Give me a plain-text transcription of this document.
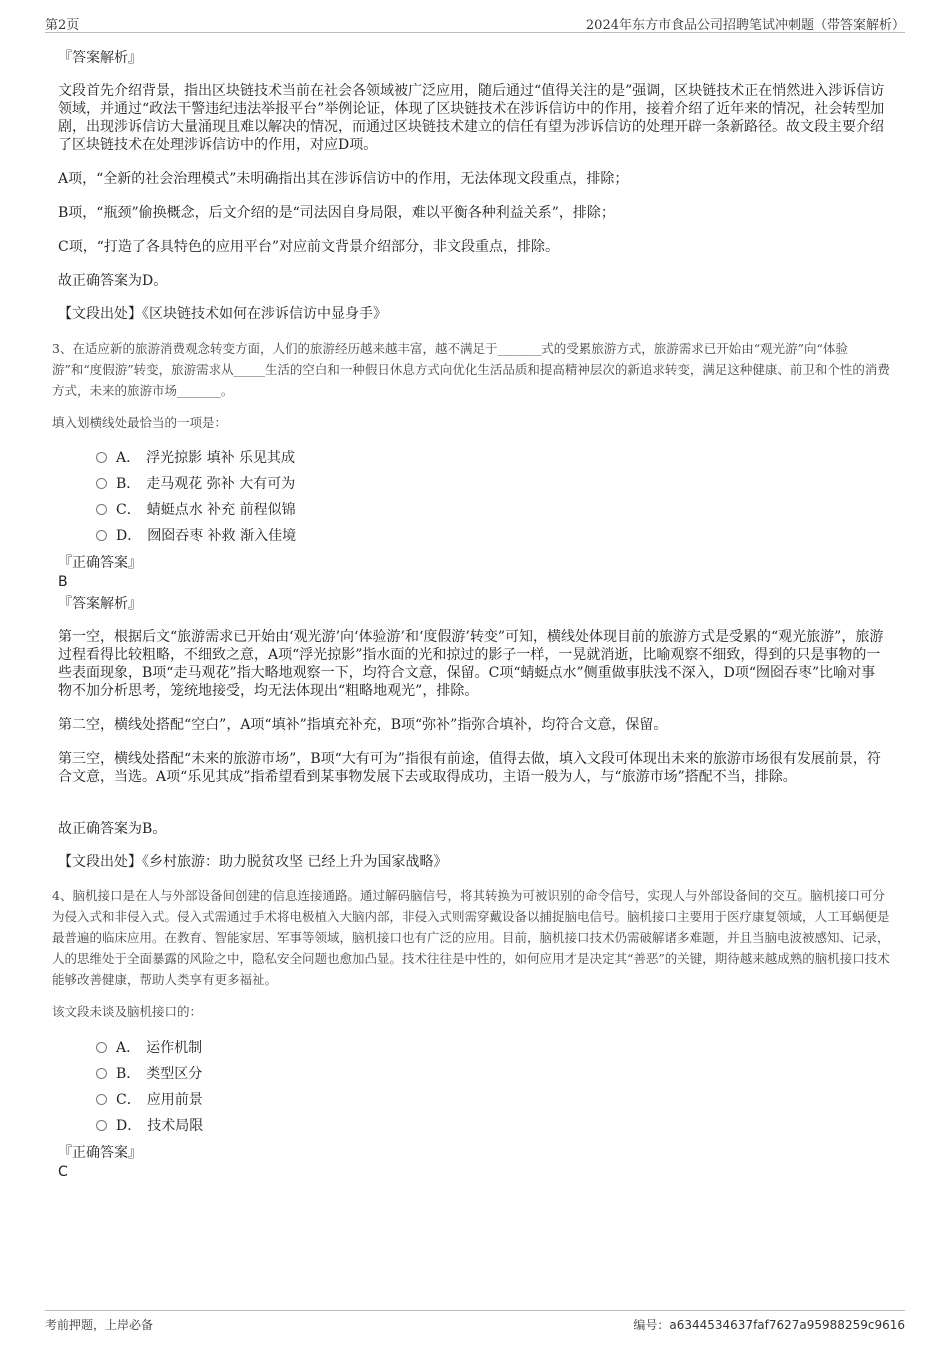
第2页	2024年东方市食品公司招聘笔试冲刺题（带答案解析）
『答案解析』
文段首先介绍背景，指出区块链技术当前在社会各领域被广泛应用，随后通过“值得关注的是”强调，区块链技术正在悄然进入涉诉信访领域，并通过“政法干警违纪违法举报平台”举例论证，体现了区块链技术在涉诉信访中的作用，接着介绍了近年来的情况，社会转型加剧，出现涉诉信访大量涌现且难以解决的情况，而通过区块链技术建立的信任有望为涉诉信访的处理开辟一条新路径。故文段主要介绍了区块链技术在处理涉诉信访中的作用，对应D项。
A项，“全新的社会治理模式”未明确指出其在涉诉信访中的作用，无法体现文段重点，排除；
B项，“瓶颈”偷换概念，后文介绍的是“司法因自身局限，难以平衡各种利益关系”，排除；
C项，“打造了各具特色的应用平台”对应前文背景介绍部分，非文段重点，排除。
故正确答案为D。
【文段出处】《区块链技术如何在涉诉信访中显身手》
3、在适应新的旅游消费观念转变方面，人们的旅游经历越来越丰富，越不满足于_______式的受累旅游方式，旅游需求已开始由“观光游”向“体验游”和“度假游”转变，旅游需求从_____生活的空白和一种假日休息方式向优化生活品质和提高精神层次的新追求转变，满足这种健康、前卫和个性的消费方式，未来的旅游市场_______。
填入划横线处最恰当的一项是：
A． 浮光掠影 填补 乐见其成
B． 走马观花 弥补 大有可为
C． 蜻蜓点水 补充 前程似锦
D． 囫囵吞枣 补救 渐入佳境
『正确答案』
B
『答案解析』
第一空，根据后文“旅游需求已开始由‘观光游’向‘体验游’和‘度假游’转变”可知，横线处体现目前的旅游方式是受累的“观光旅游”，旅游过程看得比较粗略，不细致之意，A项“浮光掠影”指水面的光和掠过的影子一样，一晃就消逝，比喻观察不细致，得到的只是事物的一些表面现象，B项“走马观花”指大略地观察一下，均符合文意，保留。C项“蜻蜓点水”侧重做事肤浅不深入，D项“囫囵吞枣”比喻对事物不加分析思考，笼统地接受，均无法体现出“粗略地观光”，排除。
第二空，横线处搭配“空白”，A项“填补”指填充补充，B项“弥补”指弥合填补，均符合文意，保留。
第三空，横线处搭配“未来的旅游市场”，B项“大有可为”指很有前途，值得去做，填入文段可体现出未来的旅游市场很有发展前景，符合文意，当选。A项“乐见其成”指希望看到某事物发展下去或取得成功，主语一般为人，与“旅游市场”搭配不当，排除。
故正确答案为B。
【文段出处】《乡村旅游：助力脱贫攻坚 已经上升为国家战略》
4、脑机接口是在人与外部设备间创建的信息连接通路。通过解码脑信号，将其转换为可被识别的命令信号，实现人与外部设备间的交互。脑机接口可分为侵入式和非侵入式。侵入式需通过手术将电极植入大脑内部，非侵入式则需穿戴设备以捕捉脑电信号。脑机接口主要用于医疗康复领域，人工耳蜗便是最普遍的临床应用。在教育、智能家居、军事等领域，脑机接口也有广泛的应用。目前，脑机接口技术仍需破解诸多难题，并且当脑电波被感知、记录，人的思维处于全面暴露的风险之中，隐私安全问题也愈加凸显。技术往往是中性的，如何应用才是决定其“善恶”的关键，期待越来越成熟的脑机接口技术能够改善健康，帮助人类享有更多福祉。
该文段未谈及脑机接口的：
A． 运作机制
B． 类型区分
C． 应用前景
D． 技术局限
『正确答案』
C
考前押题，上岸必备	编号：a6344534637faf7627a95988259c9616
